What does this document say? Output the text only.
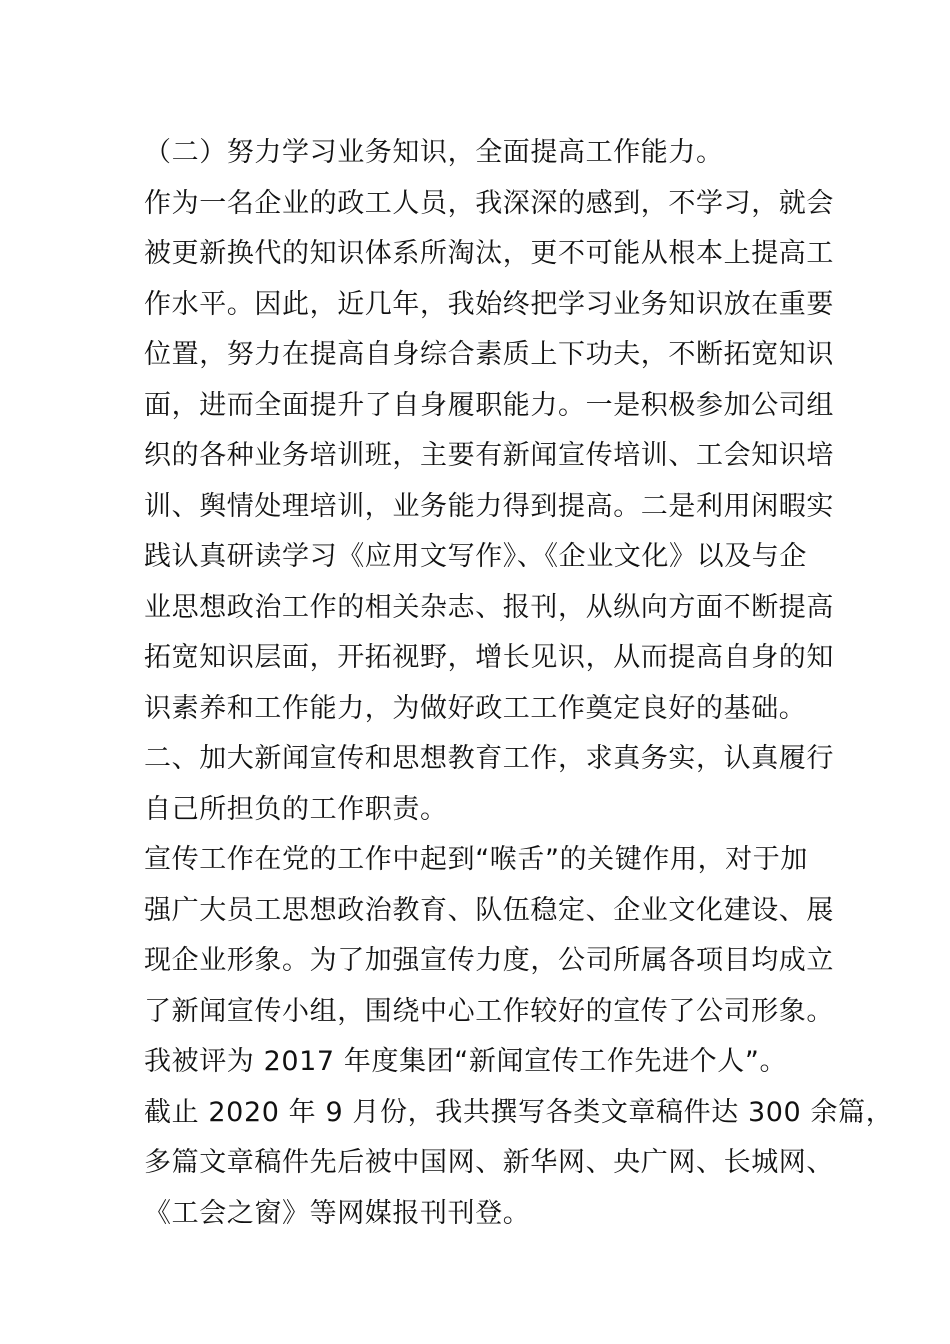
（二）努力学习业务知识，全面提高工作能力。
作为一名企业的政工人员，我深深的感到，不学习，就会
被更新换代的知识体系所淘汰，更不可能从根本上提高工
作水平。因此，近几年，我始终把学习业务知识放在重要
位置，努力在提高自身综合素质上下功夫，不断拓宽知识
面，进而全面提升了自身履职能力。一是积极参加公司组
织的各种业务培训班，主要有新闻宣传培训、工会知识培
训、舆情处理培训，业务能力得到提高。二是利用闲暇实
践认真研读学习《应用文写作》、《企业文化》以及与企
业思想政治工作的相关杂志、报刊，从纵向方面不断提高
拓宽知识层面，开拓视野，增长见识，从而提高自身的知
识素养和工作能力，为做好政工工作奠定良好的基础。
二、加大新闻宣传和思想教育工作，求真务实，认真履行
自己所担负的工作职责。
宣传工作在党的工作中起到“喉舌”的关键作用，对于加
强广大员工思想政治教育、队伍稳定、企业文化建设、展
现企业形象。为了加强宣传力度，公司所属各项目均成立
了新闻宣传小组，围绕中心工作较好的宣传了公司形象。
我被评为 2017 年度集团“新闻宣传工作先进个人”。
截止 2020 年 9 月份，我共撰写各类文章稿件达 300 余篇，
多篇文章稿件先后被中国网、新华网、央广网、长城网、
《工会之窗》等网媒报刊刊登。
